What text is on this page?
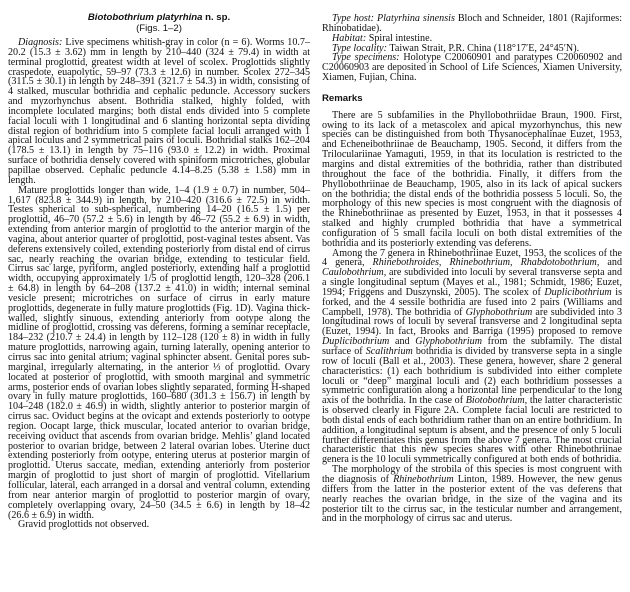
Biotobothrium platyrhina n. sp.
(Figs. 1–2)

Diagnosis: Live specimens whitish-gray in color (n = 6). Worms 10.7–20.2 (15.3 ± 3.62) mm in length by 210–440 (324 ± 79.4) in width at terminal proglottid, greatest width at level of scolex. Proglottids slightly craspedote, euapolytic, 59–97 (73.3 ± 12.6) in number. Scolex 272–345 (311.5 ± 30.1) in length by 248–391 (321.7 ± 54.3) in width, consisting of 4 stalked, muscular bothridia and cephalic peduncle. Accessory suckers and myzorhynchus absent. Bothridia stalked, highly folded, with incomplete loculated margins; both distal ends divided into 5 complete facial loculi with 1 longitudinal and 6 slanting horizontal septa dividing distal region of bothridium into 5 complete facial loculi arranged with 1 apical loculus and 2 symmetrical pairs of loculi. Bothridial stalks 162–204 (178.5 ± 13.1) in length by 75–116 (93.0 ± 12.2) in width. Proximal surface of bothridia densely covered with spiniform microtriches, globular papillae observed. Cephalic peduncle 4.14–8.25 (5.38 ± 1.58) mm in length.

Mature proglottids longer than wide, 1–4 (1.9 ± 0.7) in number, 504–1,617 (823.8 ± 344.9) in length, by 210–420 (316.6 ± 72.5) in width. Testes spherical to sub-spherical, numbering 14–20 (16.5 ± 1.5) per proglottid, 46–70 (57.2 ± 5.6) in length by 46–72 (55.2 ± 6.9) in width, extending from anterior margin of proglottid to the anterior margin of the vagina, about anterior quarter of proglottid, post-vaginal testes absent. Vas deferens extensively coiled, extending posteriorly from distal end of cirrus sac, nearly reaching the ovarian bridge, extending to testicular field. Cirrus sac large, pyriform, angled posteriorly, extending half a proglottid width, occupying approximately 1/5 of proglottid length, 120–328 (206.1 ± 64.8) in length by 64–208 (137.2 ± 41.0) in width; internal seminal vesicle present; microtriches on surface of cirrus in early mature proglottids, degenerate in fully mature proglottids (Fig. 1D). Vagina thick-walled, slightly sinuous, extending anteriorly from ootype along the midline of proglottid, crossing vas deferens, forming a seminar receptacle, 184–232 (210.7 ± 24.4) in length by 112–128 (120 ± 8) in width in fully mature proglottids, narrowing again, turning laterally, opening anterior to cirrus sac into genital atrium; vaginal sphincter absent. Genital pores sub-marginal, irregularly alternating, in the anterior ⅓ of proglottid. Ovary located at posterior of proglottid, with smooth marginal and symmetric arms, posterior ends of ovarian lobes slightly separated, forming H-shaped ovary in fully mature proglottids, 160–680 (301.3 ± 156.7) in length by 104–248 (182.0 ± 46.9) in width, slightly anterior to posterior margin of cirrus sac. Oviduct begins at the ovicapt and extends posteriorly to ootype region. Oocapt large, thick muscular, located anterior to ovarian bridge, receiving oviduct that ascends from ovarian bridge. Mehlis’ gland located posterior to ovarian bridge, between 2 lateral ovarian lobes. Uterine duct extending posteriorly from ootype, entering uterus at posterior margin of proglottid. Uterus saccate, median, extending anteriorly from posterior margin of proglottid to just short of margin of proglottid. Vitellarium follicular, lateral, each arranged in a dorsal and ventral column, extending from near anterior margin of proglottid to posterior margin of ovary, completely overlapping ovary, 24–50 (34.5 ± 6.6) in length by 18–42 (26.6 ± 6.9) in width.

Gravid proglottids not observed.

Type host: Platyrhina sinensis Bloch and Schneider, 1801 (Rajiformes: Rhinobatidae).

Habitat: Spiral intestine.

Type locality: Taiwan Strait, P.R. China (118°17′E, 24°45′N).

Type specimens: Holotype C20060901 and paratypes C20060902 and C20060903 are deposited in School of Life Sciences, Xiamen University, Xiamen, Fujian, China.

Remarks

There are 5 subfamilies in the Phyllobothriidae Braun, 1900. First, owing to its lack of a metascolex and apical myzorhynchus, this new species can be distinguished from both Thysanocephalinae Euzet, 1953, and Echeneibothriinae de Beauchamp, 1905. Second, it differs from the Triloculariinae Yamaguti, 1959, in that its loculation is restricted to the margins and distal extremities of the bothridia, rather than distributed throughout the face of the bothridia. Finally, it differs from the Phyllobothriinae de Beauchamp, 1905, also in its lack of apical suckers on the bothridia; the distal ends of the bothridia possess 5 loculi. So, the morphology of this new species is most congruent with the diagnosis of the Rhinebothriinae as presented by Euzet, 1953, in that it possesses 4 stalked and highly crumpled bothridia that have a symmetrical configuration of 5 small facila loculi on both distal extremities of the bothridia and its posteriorly extending vas deferens.

Among the 7 genera in Rhinebothriinae Euzet, 1953, the scolices of the 4 genera, Rhinebothroides, Rhinebothrium, Rhabdotobothrium, and Caulobothrium, are subdivided into loculi by several transverse septa and a single longitudinal septum (Mayes et al., 1981; Schmidt, 1986; Euzet, 1994; Friggens and Duszynski, 2005). The scolex of Duplicibothrium is forked, and the 4 sessile bothridia are fused into 2 pairs (Williams and Campbell, 1978). The bothridia of Glyphobothrium are subdivided into 3 longitudinal rows of loculi by several transverse and 2 longitudinal septa (Euzet, 1994). In fact, Brooks and Barriga (1995) proposed to remove Duplicibothrium and Glyphobothrium from the subfamily. The distal surface of Scalithrium bothridia is divided by transverse septa in a single row of loculi (Ball et al., 2003). These genera, however, share 2 general characteristics: (1) each bothridium is subdivided into either complete loculi or “deep” marginal loculi and (2) each bothridium possesses a symmetric configuration along a horizontal line perpendicular to the long axis of the bothridia. In the case of Biotobothrium, the latter characteristic is observed clearly in Figure 2A. Complete facial loculi are restricted to both distal ends of each bothridium rather than on an entire bothridium. In addition, a longitudinal septum is absent, and the presence of only 5 loculi further differentiates this genus from the above 7 genera. The most crucial characteristic that this new species shares with other Rhinebothriinae genera is the 10 loculi symmetrically configured at both ends of bothridia.

The morphology of the strobila of this species is most congruent with the diagnosis of Rhinebothrium Linton, 1989. However, the new genus differs from the latter in the posterior extent of the vas deferens that nearly reaches the ovarian bridge, in the size of the vagina and its posterior tilt to the cirrus sac, in the testicular number and arrangement, and in the morphology of cirrus sac and uterus.
